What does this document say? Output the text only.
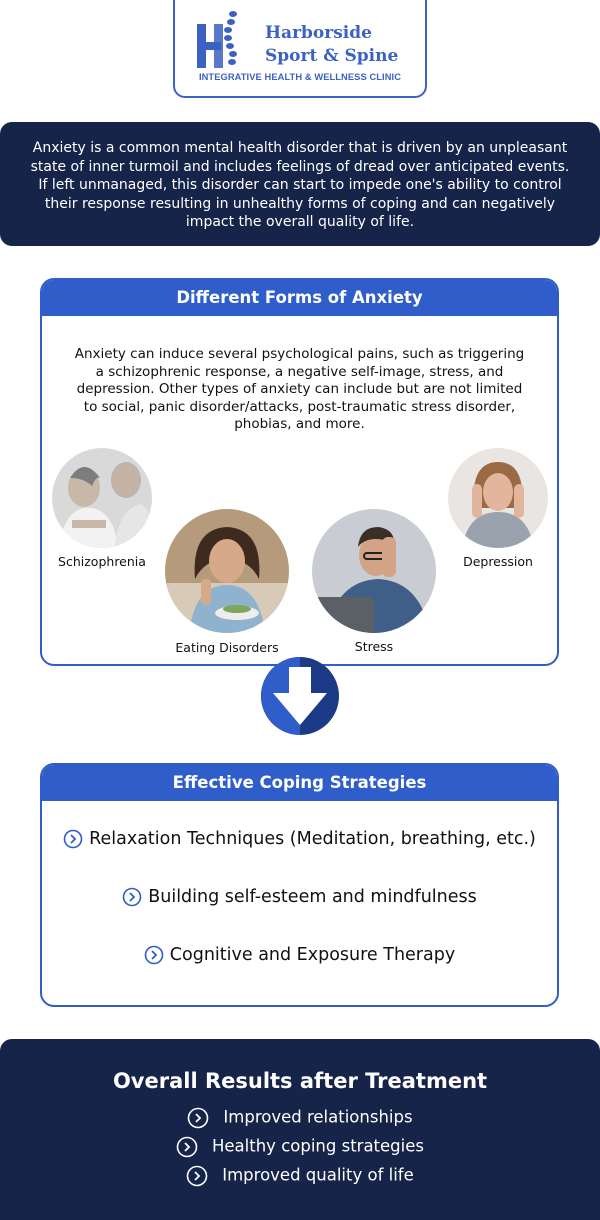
Harborside
Sport & Spine
INTEGRATIVE HEALTH & WELLNESS CLINIC
Anxiety is a common mental health disorder that is driven by an unpleasant state of inner turmoil and includes feelings of dread over anticipated events. If left unmanaged, this disorder can start to impede one's ability to control their response resulting in unhealthy forms of coping and can negatively impact the overall quality of life.
Different Forms of Anxiety
Anxiety can induce several psychological pains, such as triggering a schizophrenic response, a negative self-image, stress, and depression. Other types of anxiety can include but are not limited to social, panic disorder/attacks, post-traumatic stress disorder, phobias, and more.
Schizophrenia
Eating Disorders	Stress
Depression
Effective Coping Strategies
Relaxation Techniques (Meditation, breathing, etc.)
Building self-esteem and mindfulness
Cognitive and Exposure Therapy
Overall Results after Treatment
Improved relationships
Healthy coping strategies
Improved quality of life
